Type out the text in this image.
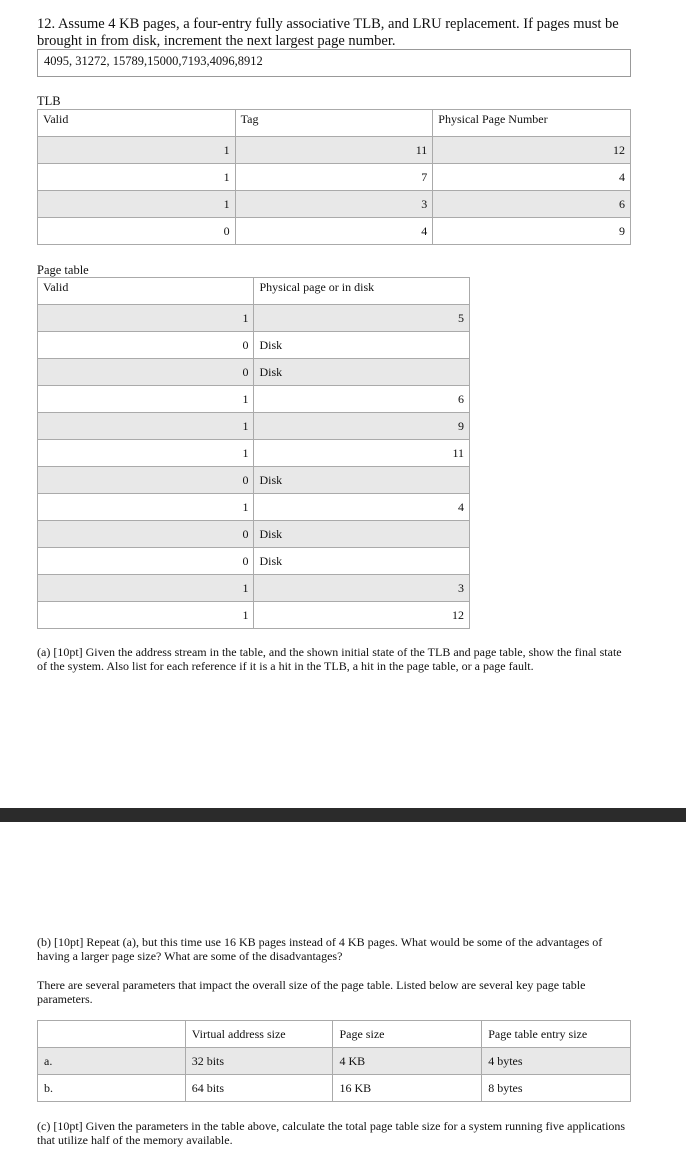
12. Assume 4 KB pages, a four-entry fully associative TLB, and LRU replacement. If pages must be brought in from disk, increment the next largest page number.
4095, 31272, 15789,15000,7193,4096,8912
TLB
Valid	Tag	Physical Page Number
1	11	12
1	7	4
1	3	6
0	4	9
Page table
Valid	Physical page or in disk
1	5
0	Disk
0	Disk
1	6
1	9
1	11
0	Disk
1	4
0	Disk
0	Disk
1	3
1	12
(a) [10pt] Given the address stream in the table, and the shown initial state of the TLB and page table, show the final state of the system. Also list for each reference if it is a hit in the TLB, a hit in the page table, or a page fault.
(b) [10pt] Repeat (a), but this time use 16 KB pages instead of 4 KB pages. What would be some of the advantages of having a larger page size? What are some of the disadvantages?
There are several parameters that impact the overall size of the page table. Listed below are several key page table parameters.
	Virtual address size	Page size	Page table entry size
a.	32 bits	4 KB	4 bytes
b.	64 bits	16 KB	8 bytes
(c) [10pt] Given the parameters in the table above, calculate the total page table size for a system running five applications that utilize half of the memory available.
